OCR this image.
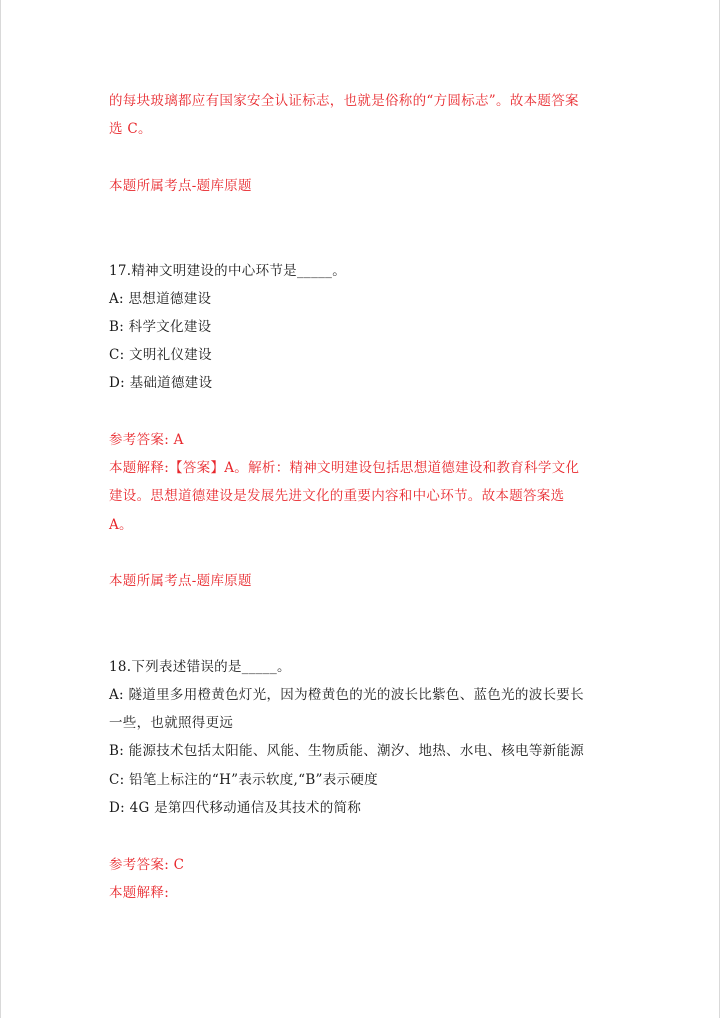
的每块玻璃都应有国家安全认证标志，也就是俗称的“方圆标志”。故本题答案
选 C。
本题所属考点-题库原题
17.精神文明建设的中心环节是_____。
A: 思想道德建设
B: 科学文化建设
C: 文明礼仪建设
D: 基础道德建设
参考答案: A
本题解释:【答案】A。解析：精神文明建设包括思想道德建设和教育科学文化
建设。思想道德建设是发展先进文化的重要内容和中心环节。故本题答案选
A。
本题所属考点-题库原题
18.下列表述错误的是_____。
A: 隧道里多用橙黄色灯光，因为橙黄色的光的波长比紫色、蓝色光的波长要长
一些，也就照得更远
B: 能源技术包括太阳能、风能、生物质能、潮汐、地热、水电、核电等新能源
C: 铅笔上标注的“H”表示软度,“B”表示硬度
D: 4G 是第四代移动通信及其技术的简称
参考答案: C
本题解释:
